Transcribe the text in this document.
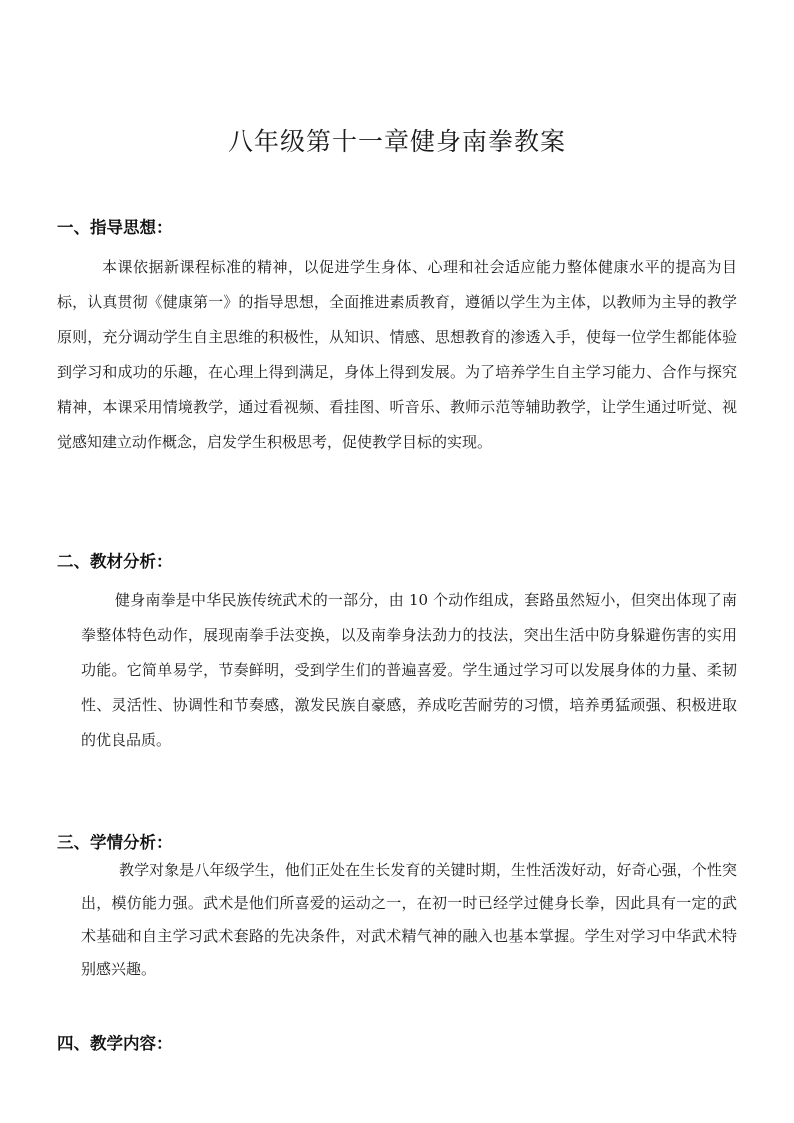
八年级第十一章健身南拳教案
一、指导思想：
本课依据新课程标准的精神，以促进学生身体、心理和社会适应能力整体健康水平的提高为目标，认真贯彻《健康第一》的指导思想，全面推进素质教育，遵循以学生为主体，以教师为主导的教学原则，充分调动学生自主思维的积极性，从知识、情感、思想教育的渗透入手，使每一位学生都能体验到学习和成功的乐趣，在心理上得到满足，身体上得到发展。为了培养学生自主学习能力、合作与探究精神，本课采用情境教学，通过看视频、看挂图、听音乐、教师示范等辅助教学，让学生通过听觉、视觉感知建立动作概念，启发学生积极思考，促使教学目标的实现。
二、教材分析：
健身南拳是中华民族传统武术的一部分，由 10 个动作组成，套路虽然短小，但突出体现了南拳整体特色动作，展现南拳手法变换，以及南拳身法劲力的技法，突出生活中防身躲避伤害的实用功能。它简单易学，节奏鲜明，受到学生们的普遍喜爱。学生通过学习可以发展身体的力量、柔韧性、灵活性、协调性和节奏感，激发民族自豪感，养成吃苦耐劳的习惯，培养勇猛顽强、积极进取的优良品质。
三、学情分析：
教学对象是八年级学生，他们正处在生长发育的关键时期，生性活泼好动，好奇心强，个性突出，模仿能力强。武术是他们所喜爱的运动之一，在初一时已经学过健身长拳，因此具有一定的武术基础和自主学习武术套路的先决条件，对武术精气神的融入也基本掌握。学生对学习中华武术特别感兴趣。
四、教学内容：
